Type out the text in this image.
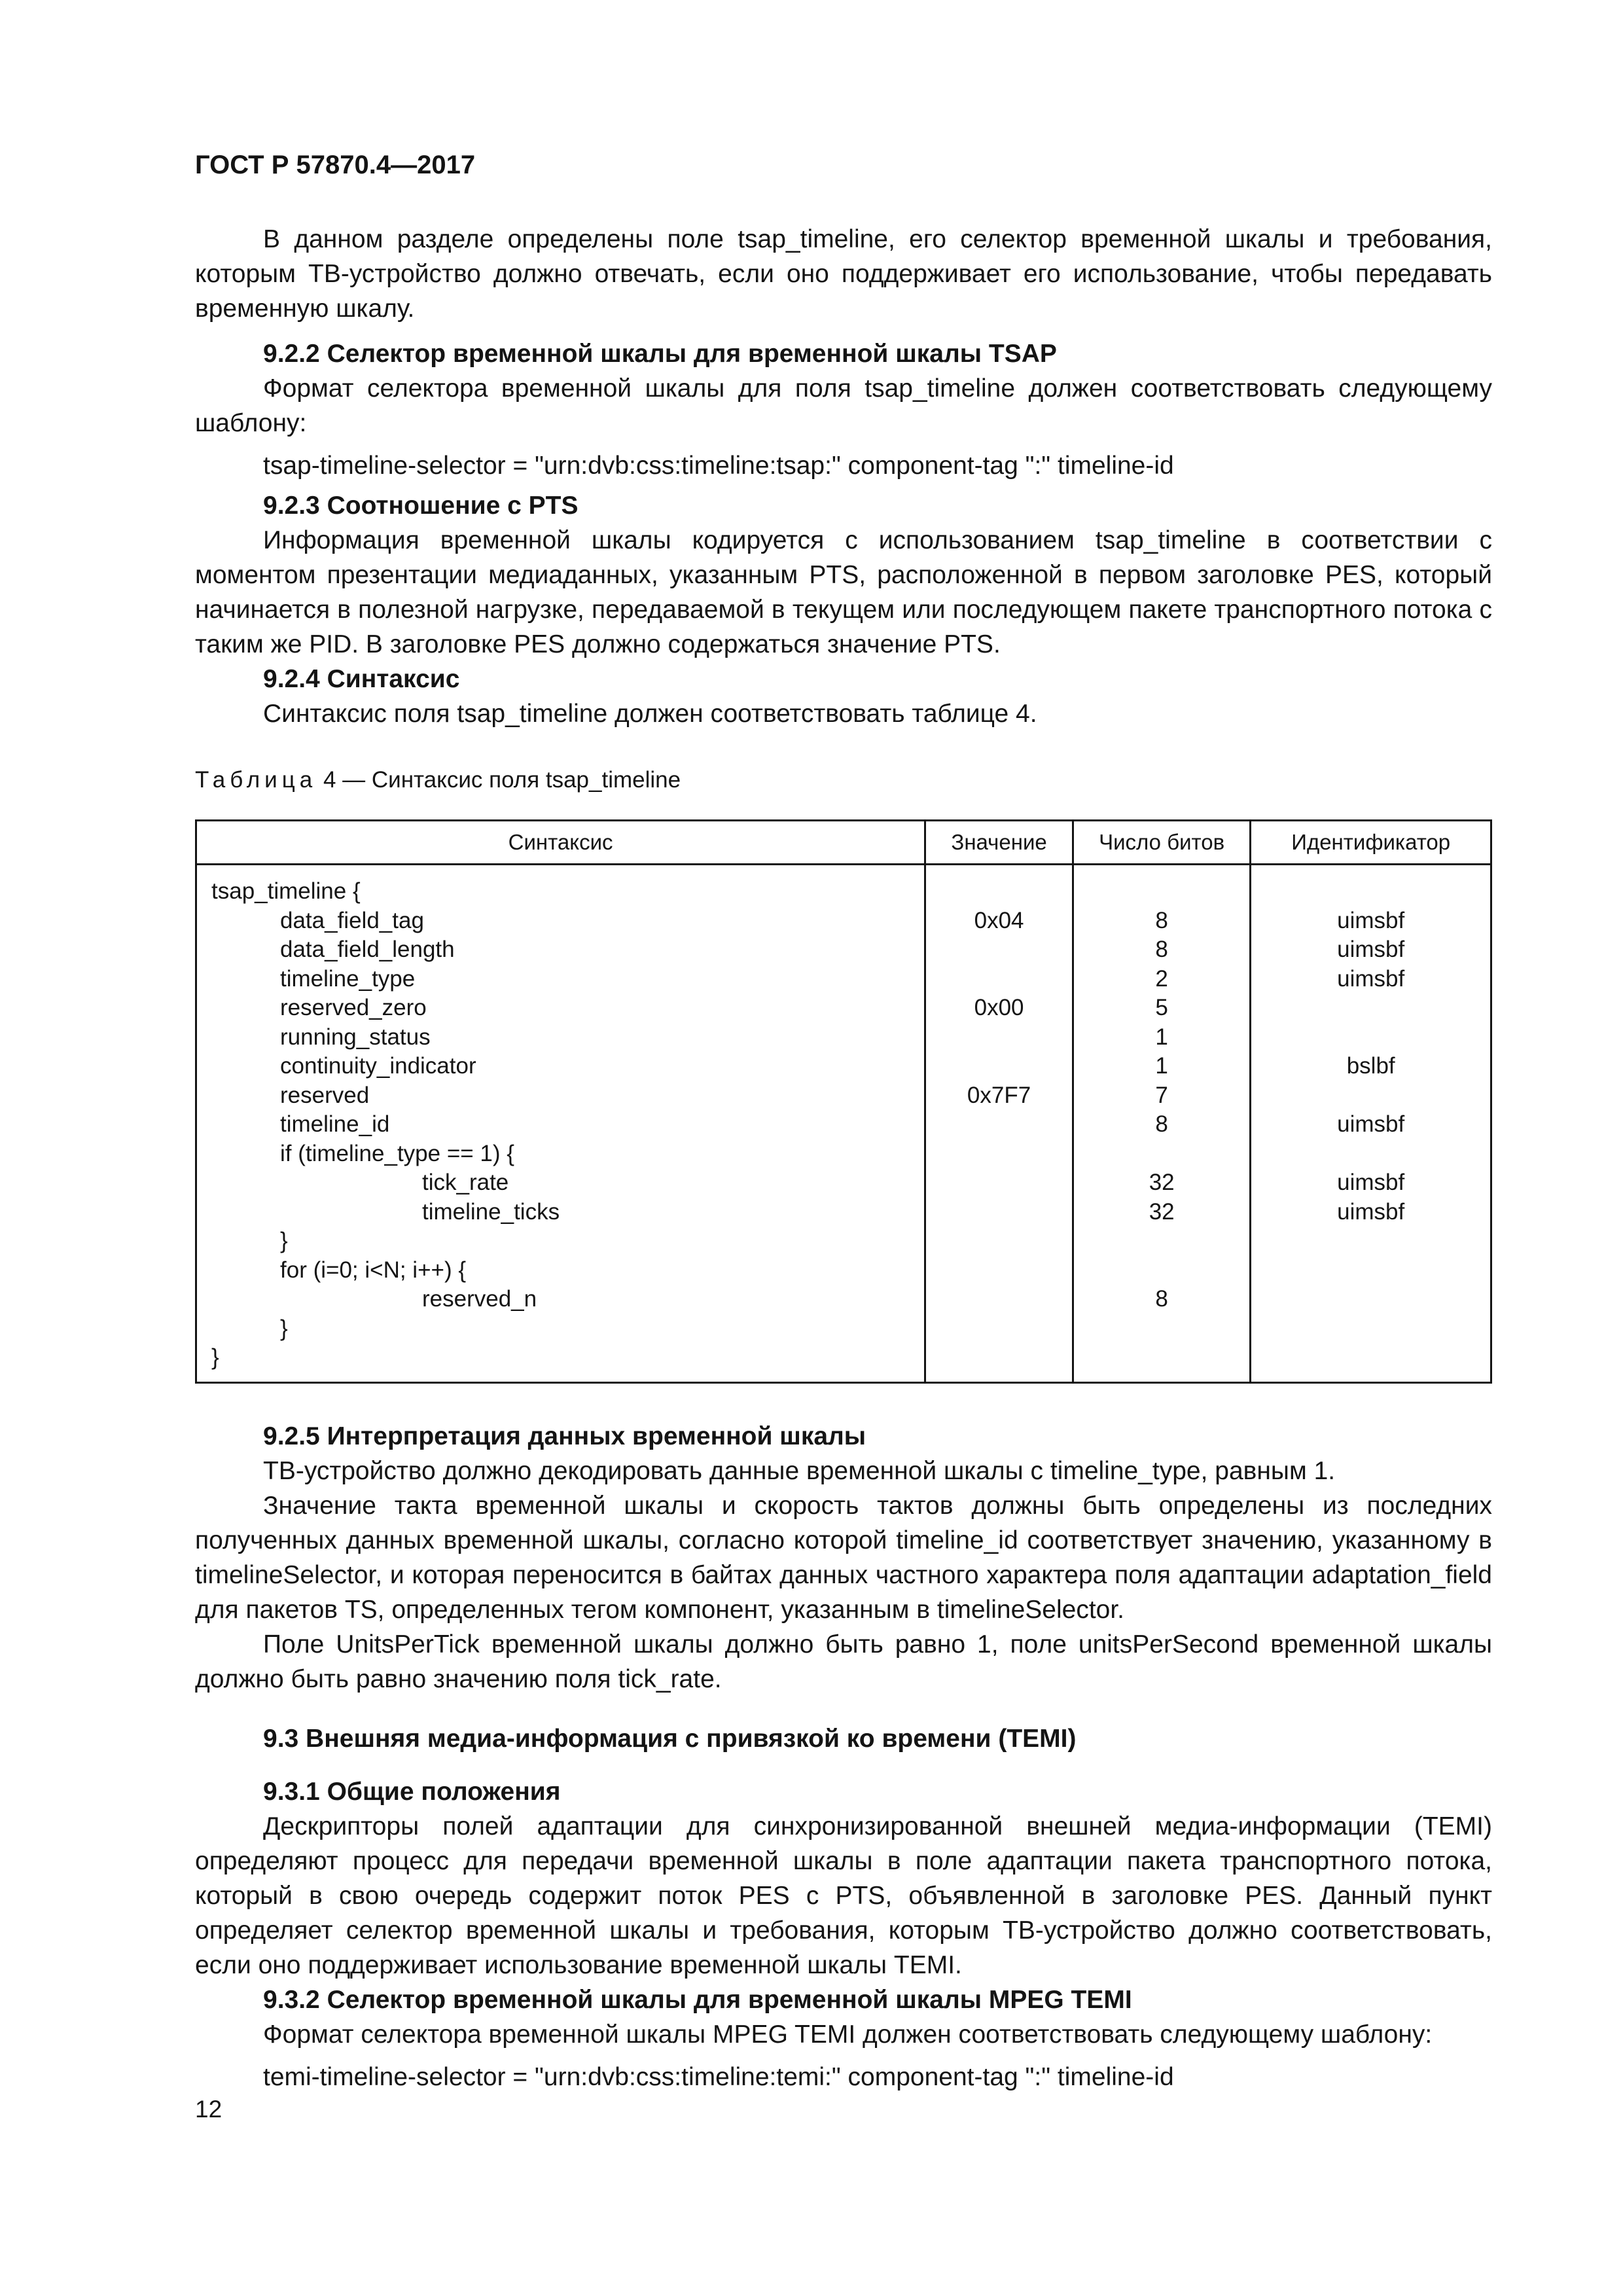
ГОСТ Р 57870.4—2017

В данном разделе определены поле tsap_timeline, его селектор временной шкалы и требования, которым ТВ-устройство должно отвечать, если оно поддерживает его использование, чтобы передавать временную шкалу.

9.2.2 Селектор временной шкалы для временной шкалы TSAP

Формат селектора временной шкалы для поля tsap_timeline должен соответствовать следующему шаблону:

tsap-timeline-selector = "urn:dvb:css:timeline:tsap:" component-tag ":" timeline-id

9.2.3 Соотношение с PTS

Информация временной шкалы кодируется с использованием tsap_timeline в соответствии с моментом презентации медиаданных, указанным PTS, расположенной в первом заголовке PES, который начинается в полезной нагрузке, передаваемой в текущем или последующем пакете транспортного потока с таким же PID. В заголовке PES должно содержаться значение PTS.

9.2.4 Синтаксис

Синтаксис поля tsap_timeline должен соответствовать таблице 4.

Таблица 4 — Синтаксис поля tsap_timeline

Синтаксис	Значение	Число битов	Идентификатор
tsap_timeline {			
data_field_tag	0x04	8	uimsbf
data_field_length		8	uimsbf
timeline_type		2	uimsbf
reserved_zero	0x00	5	
running_status		1	
continuity_indicator		1	bslbf
reserved	0x7F7	7	
timeline_id		8	uimsbf
if (timeline_type == 1) {			
tick_rate		32	uimsbf
timeline_ticks		32	uimsbf
}			
for (i=0; i<N; i++) {			
reserved_n		8	
}			
}			
9.2.5 Интерпретация данных временной шкалы

ТВ-устройство должно декодировать данные временной шкалы с timeline_type, равным 1.

Значение такта временной шкалы и скорость тактов должны быть определены из последних полученных данных временной шкалы, согласно которой timeline_id соответствует значению, указанному в timelineSelector, и которая переносится в байтах данных частного характера поля адаптации adaptation_field для пакетов TS, определенных тегом компонент, указанным в timelineSelector.

Поле UnitsPerTick временной шкалы должно быть равно 1, поле unitsPerSecond временной шкалы должно быть равно значению поля tick_rate.

9.3 Внешняя медиа-информация с привязкой ко времени (TEMI)
9.3.1 Общие положения

Дескрипторы полей адаптации для синхронизированной внешней медиа-информации (TEMI) определяют процесс для передачи временной шкалы в поле адаптации пакета транспортного потока, который в свою очередь содержит поток PES с PTS, объявленной в заголовке PES. Данный пункт определяет селектор временной шкалы и требования, которым ТВ-устройство должно соответствовать, если оно поддерживает использование временной шкалы TEMI.

9.3.2 Селектор временной шкалы для временной шкалы MPEG TEMI

Формат селектора временной шкалы MPEG TEMI должен соответствовать следующему шаблону:

temi-timeline-selector = "urn:dvb:css:timeline:temi:" component-tag ":" timeline-id

12
